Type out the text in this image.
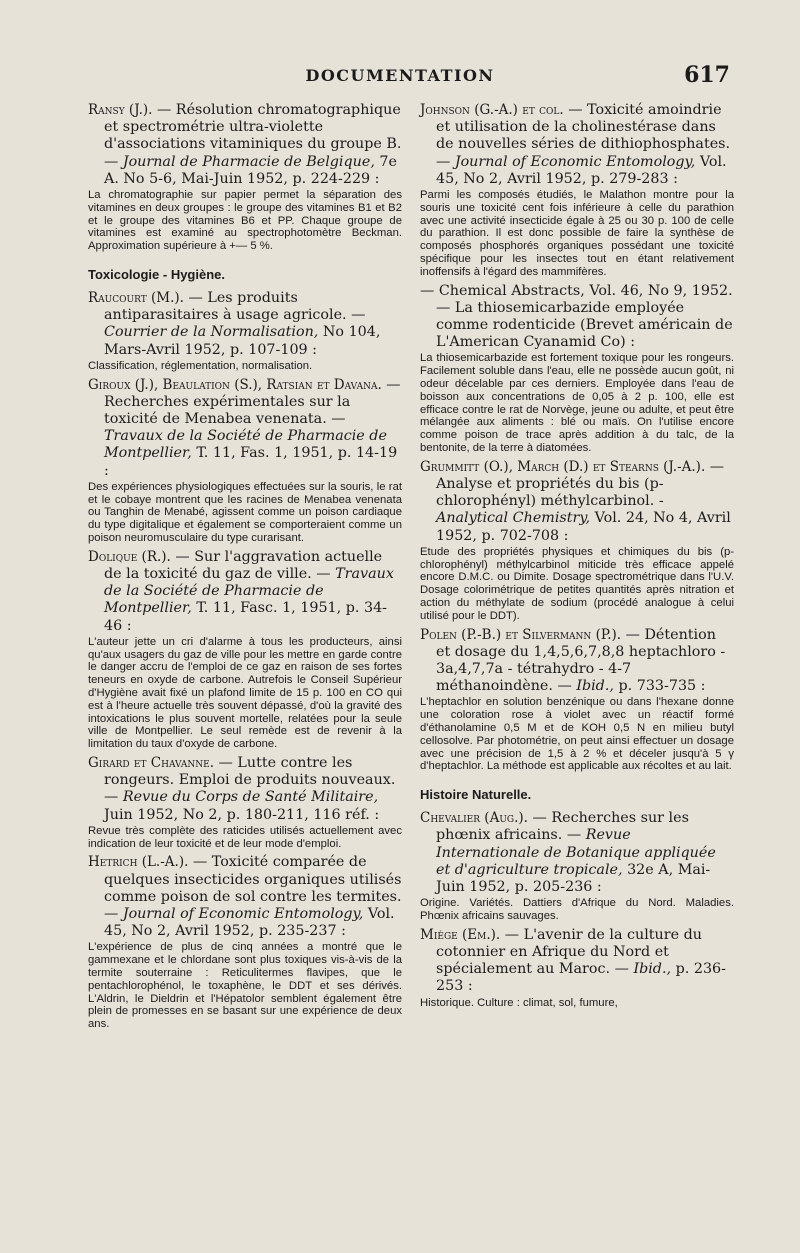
DOCUMENTATION	617

Ransy (J.). — Résolution chromatographique et spectrométrie ultra-violette d'associations vitaminiques du groupe B. — Journal de Pharmacie de Belgique, 7e A. No 5-6, Mai-Juin 1952, p. 224-229 :

La chromatographie sur papier permet la séparation des vitamines en deux groupes : le groupe des vitamines B1 et B2 et le groupe des vitamines B6 et PP. Chaque groupe de vitamines est examiné au spectrophotomètre Beckman. Approximation supérieure à +— 5 %.

Toxicologie - Hygiène.

Raucourt (M.). — Les produits antiparasitaires à usage agricole. — Courrier de la Normalisation, No 104, Mars-Avril 1952, p. 107-109 :

Classification, réglementation, normalisation.

Giroux (J.), Beaulation (S.), Ratsian et Davana. — Recherches expérimentales sur la toxicité de Menabea venenata. — Travaux de la Société de Pharmacie de Montpellier, T. 11, Fas. 1, 1951, p. 14-19 :

Des expériences physiologiques effectuées sur la souris, le rat et le cobaye montrent que les racines de Menabea venenata ou Tanghin de Menabé, agissent comme un poison cardiaque du type digitalique et également se comporteraient comme un poison neuromusculaire du type curarisant.

Dolique (R.). — Sur l'aggravation actuelle de la toxicité du gaz de ville. — Travaux de la Société de Pharmacie de Montpellier, T. 11, Fasc. 1, 1951, p. 34-46 :

L'auteur jette un cri d'alarme à tous les producteurs, ainsi qu'aux usagers du gaz de ville pour les mettre en garde contre le danger accru de l'emploi de ce gaz en raison de ses fortes teneurs en oxyde de carbone. Autrefois le Conseil Supérieur d'Hygiène avait fixé un plafond limite de 15 p. 100 en CO qui est à l'heure actuelle très souvent dépassé, d'où la gravité des intoxications le plus souvent mortelle, relatées pour la seule ville de Montpellier. Le seul remède est de revenir à la limitation du taux d'oxyde de carbone.

Girard et Chavanne. — Lutte contre les rongeurs. Emploi de produits nouveaux. — Revue du Corps de Santé Militaire, Juin 1952, No 2, p. 180-211, 116 réf. :

Revue très complète des raticides utilisés actuellement avec indication de leur toxicité et de leur mode d'emploi.

Hetrich (L.-A.). — Toxicité comparée de quelques insecticides organiques utilisés comme poison de sol contre les termites. — Journal of Economic Entomology, Vol. 45, No 2, Avril 1952, p. 235-237 :

L'expérience de plus de cinq années a montré que le gammexane et le chlordane sont plus toxiques vis-à-vis de la termite souterraine : Reticulitermes flavipes, que le pentachlorophénol, le toxaphène, le DDT et ses dérivés. L'Aldrin, le Dieldrin et l'Hépatolor semblent également être plein de promesses en se basant sur une expérience de deux ans.

Johnson (G.-A.) et col. — Toxicité amoindrie et utilisation de la cholinestérase dans de nouvelles séries de dithiophosphates. — Journal of Economic Entomology, Vol. 45, No 2, Avril 1952, p. 279-283 :

Parmi les composés étudiés, le Malathon montre pour la souris une toxicité cent fois inférieure à celle du parathion avec une activité insecticide égale à 25 ou 30 p. 100 de celle du parathion. Il est donc possible de faire la synthèse de composés phosphorés organiques possédant une toxicité spécifique pour les insectes tout en étant relativement inoffensifs à l'égard des mammifères.

— Chemical Abstracts, Vol. 46, No 9, 1952. — La thiosemicarbazide employée comme rodenticide (Brevet américain de L'American Cyanamid Co) :

La thiosemicarbazide est fortement toxique pour les rongeurs. Facilement soluble dans l'eau, elle ne possède aucun goût, ni odeur décelable par ces derniers. Employée dans l'eau de boisson aux concentrations de 0,05 à 2 p. 100, elle est efficace contre le rat de Norvège, jeune ou adulte, et peut être mélangée aux aliments : blé ou maïs. On l'utilise encore comme poison de trace après addition à du talc, de la bentonite, de la terre à diatomées.

Grummitt (O.), March (D.) et Stearns (J.-A.). — Analyse et propriétés du bis (p-chlorophényl) méthylcarbinol. - Analytical Chemistry, Vol. 24, No 4, Avril 1952, p. 702-708 :

Etude des propriétés physiques et chimiques du bis (p-chlorophényl) méthylcarbinol miticide très efficace appelé encore D.M.C. ou Dimite. Dosage spectrométrique dans l'U.V. Dosage colorimétrique de petites quantités après nitration et action du méthylate de sodium (procédé analogue à celui utilisé pour le DDT).

Polen (P.-B.) et Silvermann (P.). — Détention et dosage du 1,4,5,6,7,8,8 heptachloro - 3a,4,7,7a - tétrahydro - 4-7 méthanoindène. — Ibid., p. 733-735 :

L'heptachlor en solution benzénique ou dans l'hexane donne une coloration rose à violet avec un réactif formé d'éthanolamine 0,5 M et de KOH 0,5 N en milieu butyl cellosolve. Par photométrie, on peut ainsi effectuer un dosage avec une précision de 1,5 à 2 % et déceler jusqu'à 5 γ d'heptachlor. La méthode est applicable aux récoltes et au lait.

Histoire Naturelle.

Chevalier (Aug.). — Recherches sur les phœnix africains. — Revue Internationale de Botanique appliquée et d'agriculture tropicale, 32e A, Mai-Juin 1952, p. 205-236 :

Origine. Variétés. Dattiers d'Afrique du Nord. Maladies. Phœnix africains sauvages.

Miège (Em.). — L'avenir de la culture du cotonnier en Afrique du Nord et spécialement au Maroc. — Ibid., p. 236-253 :

Historique. Culture : climat, sol, fumure,
